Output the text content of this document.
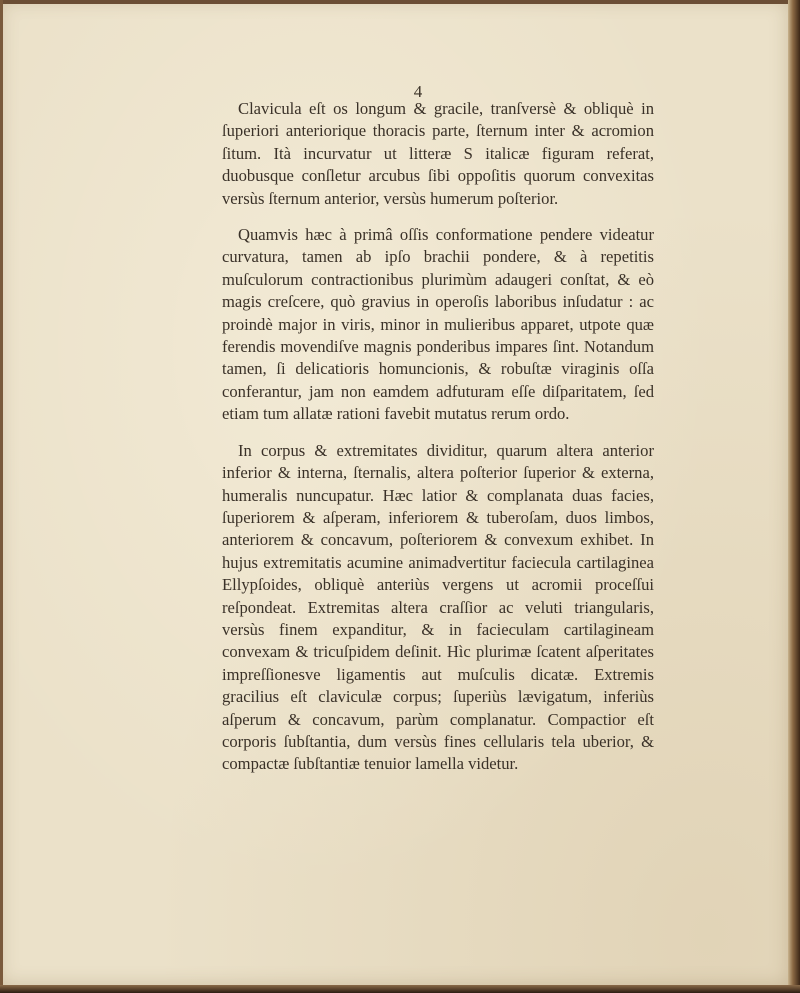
4

Clavicula eſt os longum & gracile, tranſversè & obliquè in ſuperiori anteriorique thoracis parte, ſternum inter & acromion ſitum. Ità incurvatur ut litteræ S italicæ figuram referat, duobusque conſletur arcubus ſibi oppoſitis quorum convexitas versùs ſternum anterior, versùs humerum poſterior.

Quamvis hæc à primâ oſſis conformatione pendere videatur curvatura, tamen ab ipſo brachii pondere, & à repetitis muſculorum contractionibus plurimùm adaugeri conſtat, & eò magis creſcere, quò gravius in operoſis laboribus inſudatur : ac proindè major in viris, minor in mulieribus apparet, utpote quæ ferendis movendiſve magnis ponderibus impares ſint. Notandum tamen, ſi delicatioris homuncionis, & robuſtæ viraginis oſſa conferantur, jam non eamdem adfuturam eſſe diſparitatem, ſed etiam tum allatæ rationi favebit mutatus rerum ordo.

In corpus & extremitates dividitur, quarum altera anterior inferior & interna, ſternalis, altera poſterior ſuperior & externa, humeralis nuncupatur. Hæc latior & complanata duas facies, ſuperiorem & aſperam, inferiorem & tuberoſam, duos limbos, anteriorem & concavum, poſteriorem & convexum exhibet. In hujus extremitatis acumine animadvertitur faciecula cartilaginea Ellypſoides, obliquè anteriùs vergens ut acromii proceſſui reſpondeat. Extremitas altera craſſior ac veluti triangularis, versùs finem expanditur, & in facieculam cartilagineam convexam & tricuſpidem deſinit. Hìc plurimæ ſcatent aſperitates impreſſionesve ligamentis aut muſculis dicatæ. Extremis gracilius eſt claviculæ corpus; ſuperiùs lævigatum, inferiùs aſperum & concavum, parùm complanatur. Compactior eſt corporis ſubſtantia, dum versùs fines cellularis tela uberior, & compactæ ſubſtantiæ tenuior lamella videtur.
